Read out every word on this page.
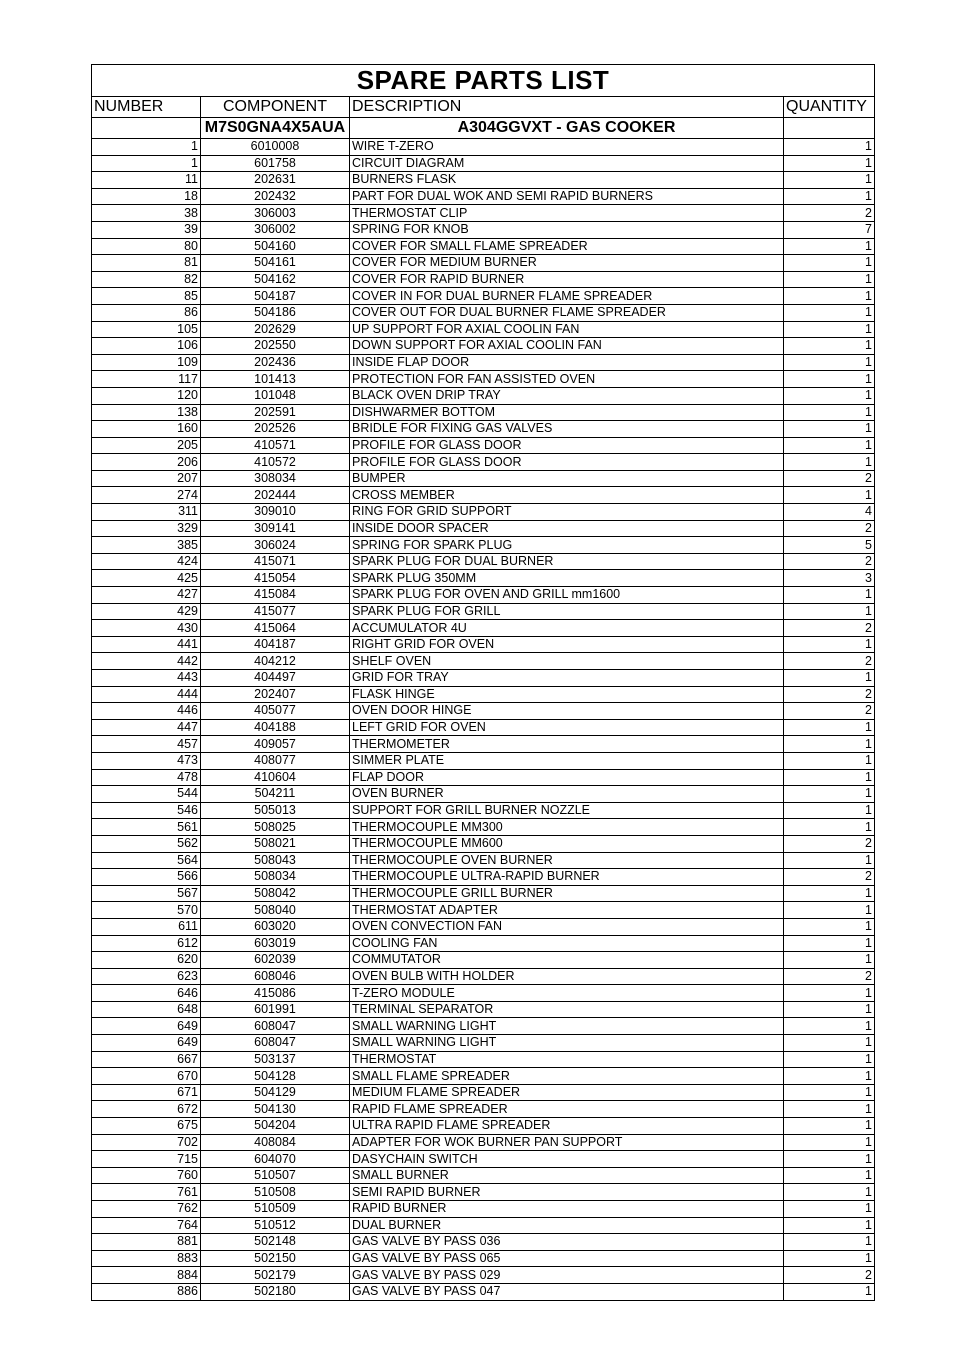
SPARE PARTS LIST			
NUMBER	COMPONENT	DESCRIPTION	QUANTITY
	M7S0GNA4X5AUA	A304GGVXT - GAS COOKER	
1	6010008	WIRE T-ZERO	1
1	601758	CIRCUIT DIAGRAM	1
11	202631	BURNERS FLASK	1
18	202432	PART FOR DUAL WOK AND SEMI RAPID BURNERS	1
38	306003	THERMOSTAT CLIP	2
39	306002	SPRING FOR KNOB	7
80	504160	COVER FOR SMALL FLAME SPREADER	1
81	504161	COVER FOR MEDIUM BURNER	1
82	504162	COVER FOR RAPID BURNER	1
85	504187	COVER IN FOR DUAL BURNER FLAME SPREADER	1
86	504186	COVER OUT FOR DUAL BURNER FLAME SPREADER	1
105	202629	UP SUPPORT FOR AXIAL COOLIN FAN	1
106	202550	DOWN SUPPORT FOR AXIAL COOLIN FAN	1
109	202436	INSIDE FLAP DOOR	1
117	101413	PROTECTION FOR FAN ASSISTED OVEN	1
120	101048	BLACK OVEN DRIP TRAY	1
138	202591	DISHWARMER BOTTOM	1
160	202526	BRIDLE FOR FIXING GAS VALVES	1
205	410571	PROFILE FOR GLASS DOOR	1
206	410572	PROFILE FOR GLASS DOOR	1
207	308034	BUMPER	2
274	202444	CROSS MEMBER	1
311	309010	RING FOR GRID SUPPORT	4
329	309141	INSIDE DOOR SPACER	2
385	306024	SPRING FOR SPARK PLUG	5
424	415071	SPARK PLUG FOR DUAL BURNER	2
425	415054	SPARK PLUG 350MM	3
427	415084	SPARK PLUG FOR OVEN AND GRILL mm1600	1
429	415077	SPARK PLUG FOR GRILL	1
430	415064	ACCUMULATOR 4U	2
441	404187	RIGHT GRID FOR OVEN	1
442	404212	SHELF OVEN	2
443	404497	GRID FOR TRAY	1
444	202407	FLASK HINGE	2
446	405077	OVEN DOOR HINGE	2
447	404188	LEFT GRID FOR OVEN	1
457	409057	THERMOMETER	1
473	408077	SIMMER PLATE	1
478	410604	FLAP DOOR	1
544	504211	OVEN BURNER	1
546	505013	SUPPORT FOR GRILL BURNER NOZZLE	1
561	508025	THERMOCOUPLE MM300	1
562	508021	THERMOCOUPLE MM600	2
564	508043	THERMOCOUPLE OVEN BURNER	1
566	508034	THERMOCOUPLE ULTRA-RAPID BURNER	2
567	508042	THERMOCOUPLE GRILL BURNER	1
570	508040	THERMOSTAT ADAPTER	1
611	603020	OVEN CONVECTION FAN	1
612	603019	COOLING FAN	1
620	602039	COMMUTATOR	1
623	608046	OVEN BULB WITH HOLDER	2
646	415086	T-ZERO MODULE	1
648	601991	TERMINAL SEPARATOR	1
649	608047	SMALL WARNING LIGHT	1
649	608047	SMALL WARNING LIGHT	1
667	503137	THERMOSTAT	1
670	504128	SMALL FLAME SPREADER	1
671	504129	MEDIUM FLAME SPREADER	1
672	504130	RAPID FLAME SPREADER	1
675	504204	ULTRA RAPID FLAME SPREADER	1
702	408084	ADAPTER FOR WOK BURNER PAN SUPPORT	1
715	604070	DASYCHAIN SWITCH	1
760	510507	SMALL BURNER	1
761	510508	SEMI RAPID BURNER	1
762	510509	RAPID BURNER	1
764	510512	DUAL BURNER	1
881	502148	GAS VALVE BY PASS 036	1
883	502150	GAS VALVE BY PASS 065	1
884	502179	GAS VALVE BY PASS 029	2
886	502180	GAS VALVE BY PASS 047	1
